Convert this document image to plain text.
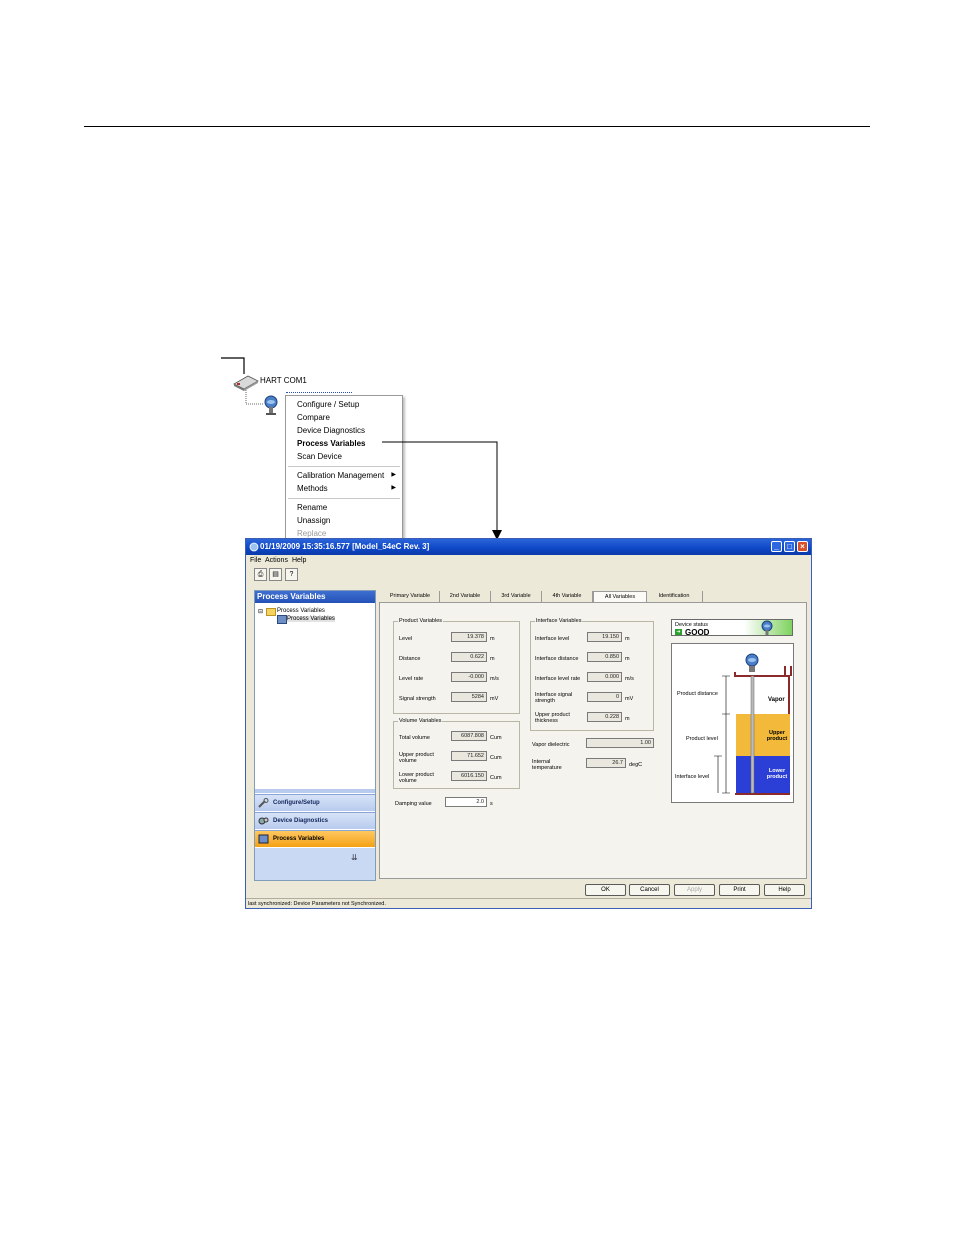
HART COM1
Configure / Setup
Compare
Device Diagnostics
Process Variables
Scan Device
Calibration Management ▶
Methods	▶
Rename
Unassign
Replace
01/19/2009 15:35:16.577 [Model_54eC Rev. 3]	_	□	×
File Actions Help
⎙	▤	?
Process Variables
⊟ Process Variables
Process Variables
Configure/Setup
Device Diagnostics
Process Variables
⇊
Primary Variable	2nd Variable	3rd Variable	4th Variable	All Variables	Identification
Product Variables
Level	19.378	m
Distance	0.622	m
Level rate	-0.000	m/s
Signal strength	5284	mV
Volume Variables
Total volume	6087.808	Cum
Upper product volume
71.652	Cum
Lower product volume
6016.150	Cum
Damping value	2.0	s
Interface Variables
Interface level	19.150	m
Interface distance	0.850	m
Interface level rate	0.000	m/s
Interface signal strength
0	mV
Upper product thickness
0.228	m
Vapor dielectric	1.00
Internal temperature
26.7	degC
Device status
➜ GOOD
Product distance
Product level
Interface level
Vapor
Upper product
Lower product
OK	Cancel	Apply	Print	Help
last synchronized: Device Parameters not Synchronized.
